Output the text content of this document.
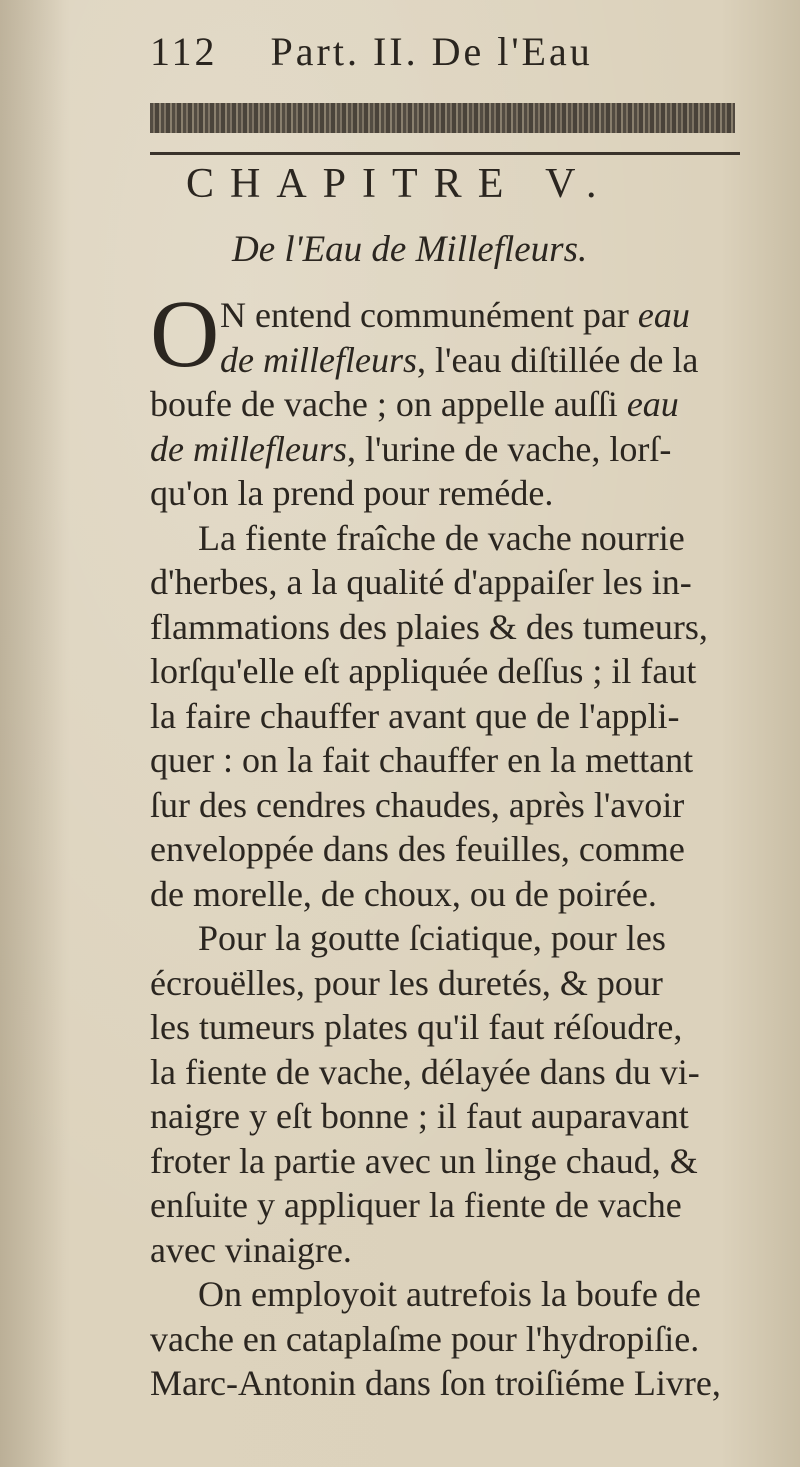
112 Part. II. De l'Eau
CHAPITRE V.
De l'Eau de Millefleurs.
O N entend communément par eau
de millefleurs, l'eau diſtillée de la
boufe de vache ; on appelle auſſi eau
de millefleurs, l'urine de vache, lorſ-
qu'on la prend pour reméde.
La fiente fraîche de vache nourrie
d'herbes, a la qualité d'appaiſer les in-
flammations des plaies & des tumeurs,
lorſqu'elle eſt appliquée deſſus ; il faut
la faire chauffer avant que de l'appli-
quer : on la fait chauffer en la mettant
ſur des cendres chaudes, après l'avoir
enveloppée dans des feuilles, comme
de morelle, de choux, ou de poirée.
Pour la goutte ſciatique, pour les
écrouëlles, pour les duretés, & pour
les tumeurs plates qu'il faut réſoudre,
la fiente de vache, délayée dans du vi-
naigre y eſt bonne ; il faut auparavant
froter la partie avec un linge chaud, &
enſuite y appliquer la fiente de vache
avec vinaigre.
On employoit autrefois la boufe de
vache en cataplaſme pour l'hydropiſie.
Marc-Antonin dans ſon troiſiéme Livre,
